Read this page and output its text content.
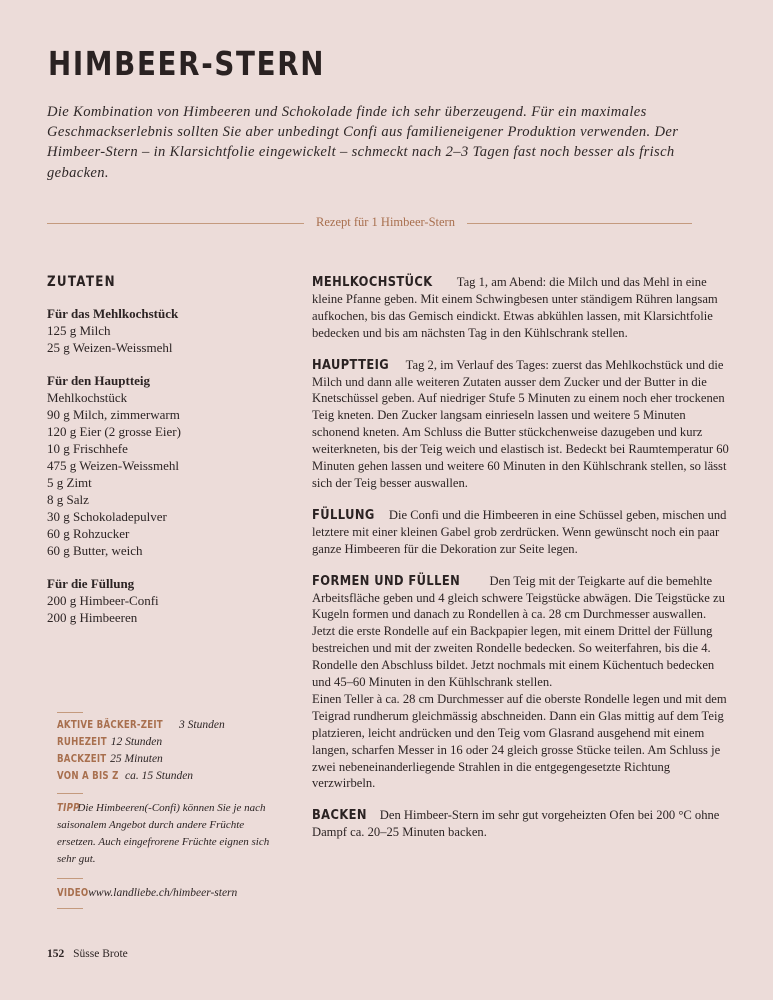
HIMBEER-STERN

Die Kombination von Himbeeren und Schokolade finde ich sehr überzeugend. Für ein maximales Geschmackserlebnis sollten Sie aber unbedingt Confi aus familieneigener Produktion verwenden. Der Himbeer-Stern – in Klarsichtfolie eingewickelt – schmeckt nach 2–3 Tagen fast noch besser als frisch gebacken.

Rezept für 1 Himbeer-Stern
ZUTATEN
Für das Mehlkochstück
125 g Milch
25 g Weizen-Weissmehl
Für den Hauptteig
Mehlkochstück
90 g Milch, zimmerwarm
120 g Eier (2 grosse Eier)
10 g Frischhefe
475 g Weizen-Weissmehl
5 g Zimt
8 g Salz
30 g Schokoladepulver
60 g Rohzucker
60 g Butter, weich
Für die Füllung
200 g Himbeer-Confi
200 g Himbeeren
AKTIVE BÄCKER-ZEIT 3 Stunden
RUHEZEIT 12 Stunden
BACKZEIT 25 Minuten
VON A BIS Z ca. 15 Stunden
TIPP Die Himbeeren(-Confi) können Sie je nach saisonalem Angebot durch andere Früchte ersetzen. Auch eingefrorene Früchte eignen sich sehr gut.
VIDEO www.landliebe.ch/himbeer-stern

MEHLKOCHSTÜCK Tag 1, am Abend: die Milch und das Mehl in eine kleine Pfanne geben. Mit einem Schwingbesen unter ständigem Rühren langsam aufkochen, bis das Gemisch eindickt. Etwas abkühlen lassen, mit Klarsichtfolie bedecken und bis am nächsten Tag in den Kühlschrank stellen.

HAUPTTEIG Tag 2, im Verlauf des Tages: zuerst das Mehlkochstück und die Milch und dann alle weiteren Zutaten ausser dem Zucker und der Butter in die Knetschüssel geben. Auf niedriger Stufe 5 Minuten zu einem noch eher trockenen Teig kneten. Den Zucker langsam einrieseln lassen und weitere 5 Minuten schonend kneten. Am Schluss die Butter stückchenweise dazugeben und kurz weiterkneten, bis der Teig weich und elastisch ist. Bedeckt bei Raumtemperatur 60 Minuten gehen lassen und weitere 60 Minuten in den Kühlschrank stellen, so lässt sich der Teig besser auswallen.

FÜLLUNG Die Confi und die Himbeeren in eine Schüssel geben, mischen und letztere mit einer kleinen Gabel grob zerdrücken. Wenn gewünscht noch ein paar ganze Himbeeren für die Dekoration zur Seite legen.

FORMEN UND FÜLLEN Den Teig mit der Teigkarte auf die bemehlte Arbeitsfläche geben und 4 gleich schwere Teigstücke abwägen. Die Teigstücke zu Kugeln formen und danach zu Rondellen à ca. 28 cm Durchmesser auswallen. Jetzt die erste Rondelle auf ein Backpapier legen, mit einem Drittel der Füllung bestreichen und mit der zweiten Rondelle bedecken. So weiterfahren, bis die 4. Rondelle den Abschluss bildet. Jetzt nochmals mit einem Küchentuch bedecken und 45–60 Minuten in den Kühlschrank stellen.

Einen Teller à ca. 28 cm Durchmesser auf die oberste Rondelle legen und mit dem Teigrad rundherum gleichmässig abschneiden. Dann ein Glas mittig auf dem Teig platzieren, leicht andrücken und den Teig vom Glasrand ausgehend mit einem langen, scharfen Messer in 16 oder 24 gleich grosse Stücke teilen. Am Schluss je zwei nebeneinanderliegende Strahlen in die entgegengesetzte Richtung verzwirbeln.

BACKEN Den Himbeer-Stern im sehr gut vorgeheizten Ofen bei 200 °C ohne Dampf ca. 20–25 Minuten backen.

152 Süsse Brote
